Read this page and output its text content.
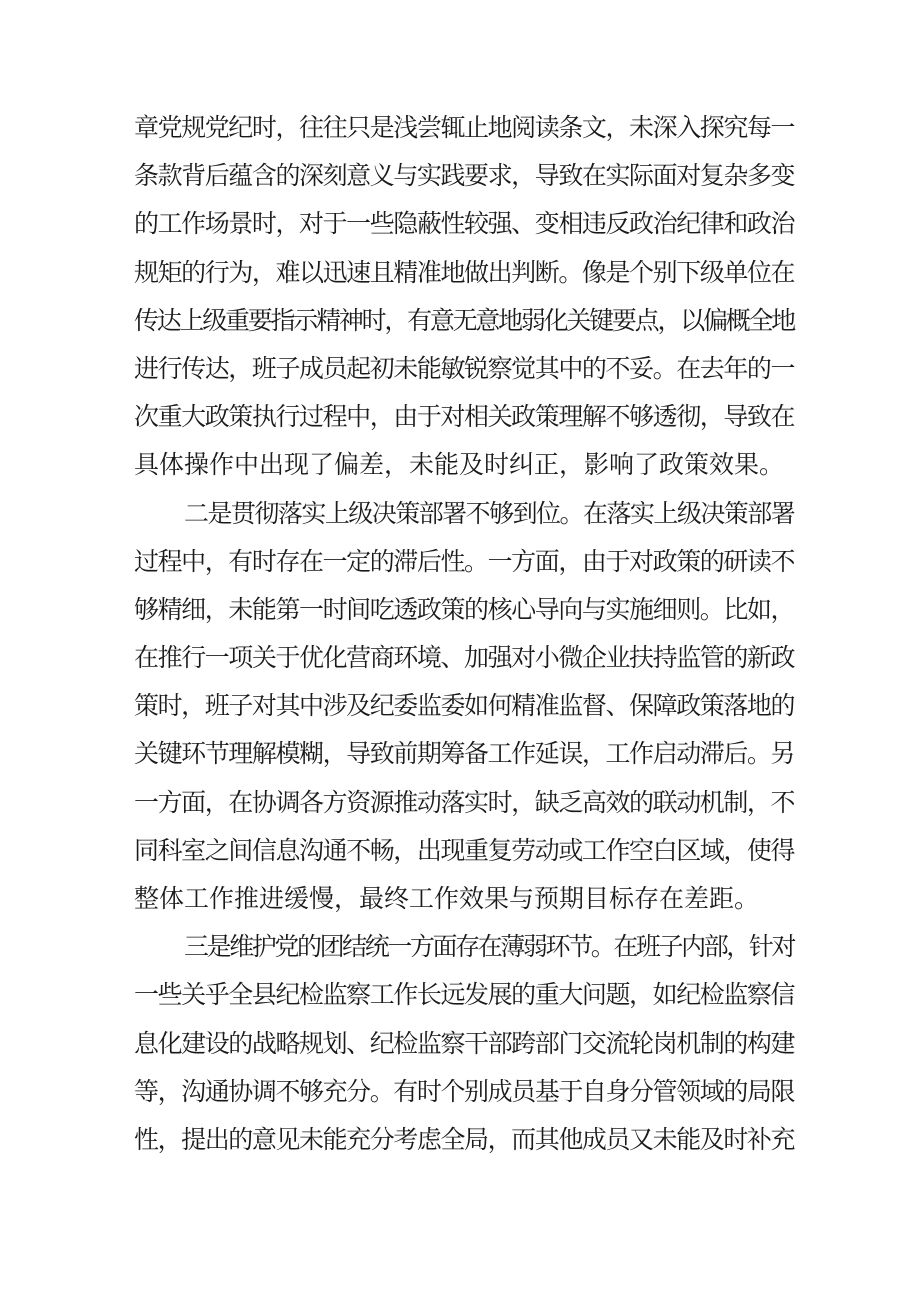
章党规党纪时，往往只是浅尝辄止地阅读条文，未深入探究每一
条款背后蕴含的深刻意义与实践要求，导致在实际面对复杂多变
的工作场景时，对于一些隐蔽性较强、变相违反政治纪律和政治
规矩的行为，难以迅速且精准地做出判断。像是个别下级单位在
传达上级重要指示精神时，有意无意地弱化关键要点，以偏概全地
进行传达，班子成员起初未能敏锐察觉其中的不妥。在去年的一
次重大政策执行过程中，由于对相关政策理解不够透彻，导致在
具体操作中出现了偏差，未能及时纠正，影响了政策效果。
二是贯彻落实上级决策部署不够到位。在落实上级决策部署
过程中，有时存在一定的滞后性。一方面，由于对政策的研读不
够精细，未能第一时间吃透政策的核心导向与实施细则。比如，
在推行一项关于优化营商环境、加强对小微企业扶持监管的新政
策时，班子对其中涉及纪委监委如何精准监督、保障政策落地的
关键环节理解模糊，导致前期筹备工作延误，工作启动滞后。另
一方面，在协调各方资源推动落实时，缺乏高效的联动机制，不
同科室之间信息沟通不畅，出现重复劳动或工作空白区域，使得
整体工作推进缓慢，最终工作效果与预期目标存在差距。
三是维护党的团结统一方面存在薄弱环节。在班子内部，针对
一些关乎全县纪检监察工作长远发展的重大问题，如纪检监察信
息化建设的战略规划、纪检监察干部跨部门交流轮岗机制的构建
等，沟通协调不够充分。有时个别成员基于自身分管领域的局限
性，提出的意见未能充分考虑全局，而其他成员又未能及时补充
